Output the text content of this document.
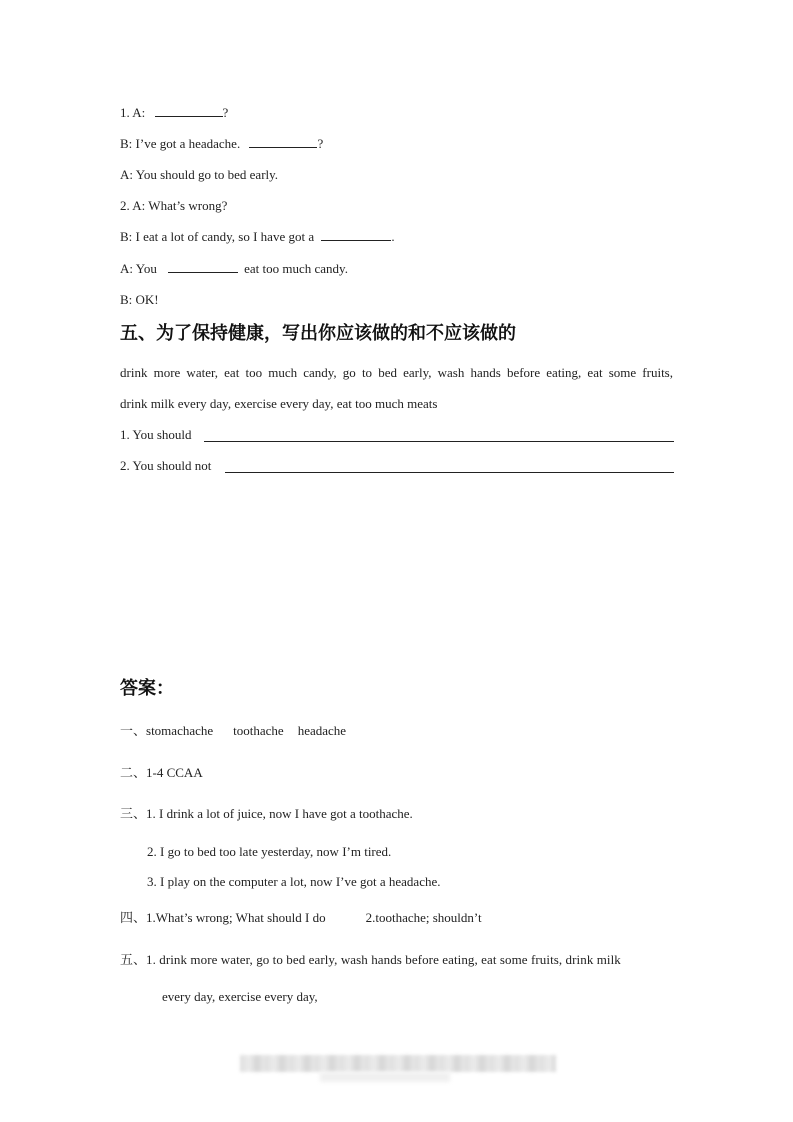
1. A:	?
B: I’ve got a headache.	?
A: You should go to bed early.
2. A: What’s wrong?
B: I eat a lot of candy, so I have got a	.
A: You	eat too much candy.
B: OK!
五、为了保持健康，写出你应该做的和不应该做的
drink more water, eat too much candy, go to bed early, wash hands before eating, eat some fruits,
drink milk every day, exercise every day, eat too much meats
1. You should
2. You should not
答案：
一、stomachache toothache headache
二、1-4 CCAA
三、1. I drink a lot of juice, now I have got a toothache.
2. I go to bed too late yesterday, now I’m tired.
3. I play on the computer a lot, now I’ve got a headache.
四、1.What’s wrong; What should I do	2.toothache; shouldn’t
五、1. drink more water, go to bed early, wash hands before eating, eat some fruits, drink milk
every day, exercise every day,
